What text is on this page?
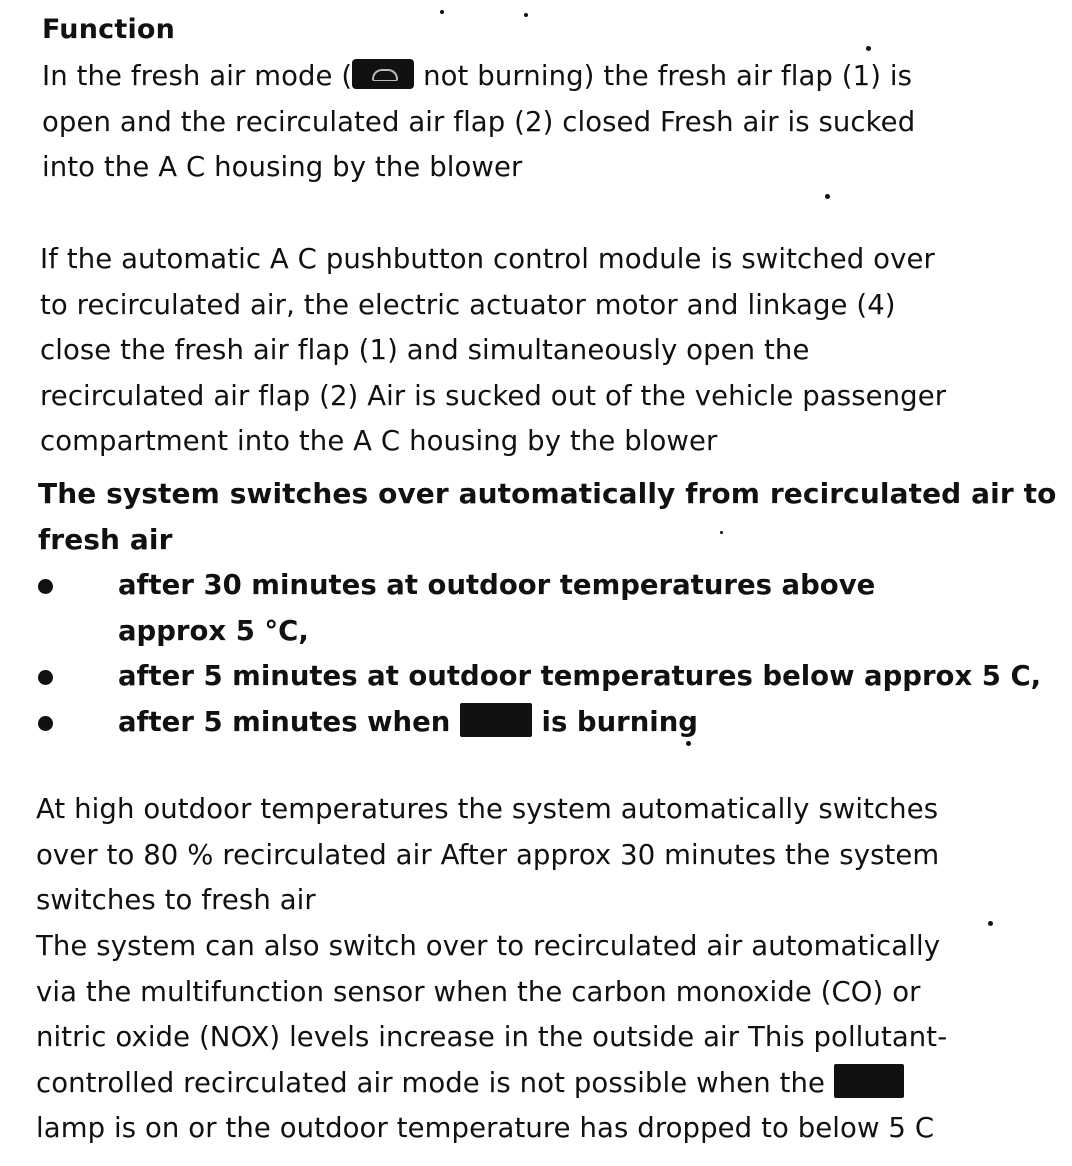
Function
In the fresh air mode ( not burning) the fresh air flap (1) is
open and the recirculated air flap (2) closed Fresh air is sucked
into the A C housing by the blower
If the automatic A C pushbutton control module is switched over
to recirculated air, the electric actuator motor and linkage (4)
close the fresh air flap (1) and simultaneously open the
recirculated air flap (2) Air is sucked out of the vehicle passenger
compartment into the A C housing by the blower
The system switches over automatically from recirculated air to
fresh air
after 30 minutes at outdoor temperatures above
approx 5 °C,
after 5 minutes at outdoor temperatures below approx 5 C,
after 5 minutes when	is burning
At high outdoor temperatures the system automatically switches
over to 80 % recirculated air After approx 30 minutes the system
switches to fresh air
The system can also switch over to recirculated air automatically
via the multifunction sensor when the carbon monoxide (CO) or
nitric oxide (NOX) levels increase in the outside air This pollutant-
controlled recirculated air mode is not possible when the
lamp is on or the outdoor temperature has dropped to below 5 C
